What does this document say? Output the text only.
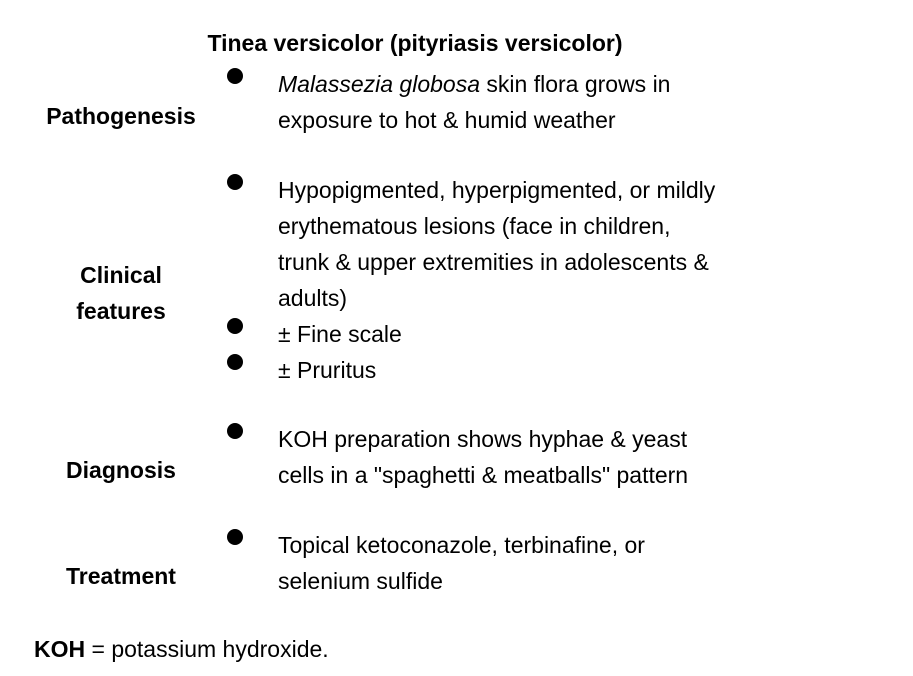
Tinea versicolor (pityriasis versicolor)
Pathogenesis
Malassezia globosa skin flora grows in
exposure to hot & humid weather
Clinical
features
Hypopigmented, hyperpigmented, or mildly
erythematous lesions (face in children,
trunk & upper extremities in adolescents &
adults)
± Fine scale
± Pruritus
Diagnosis
KOH preparation shows hyphae & yeast
cells in a "spaghetti & meatballs" pattern
Treatment
Topical ketoconazole, terbinafine, or
selenium sulfide
KOH = potassium hydroxide.
